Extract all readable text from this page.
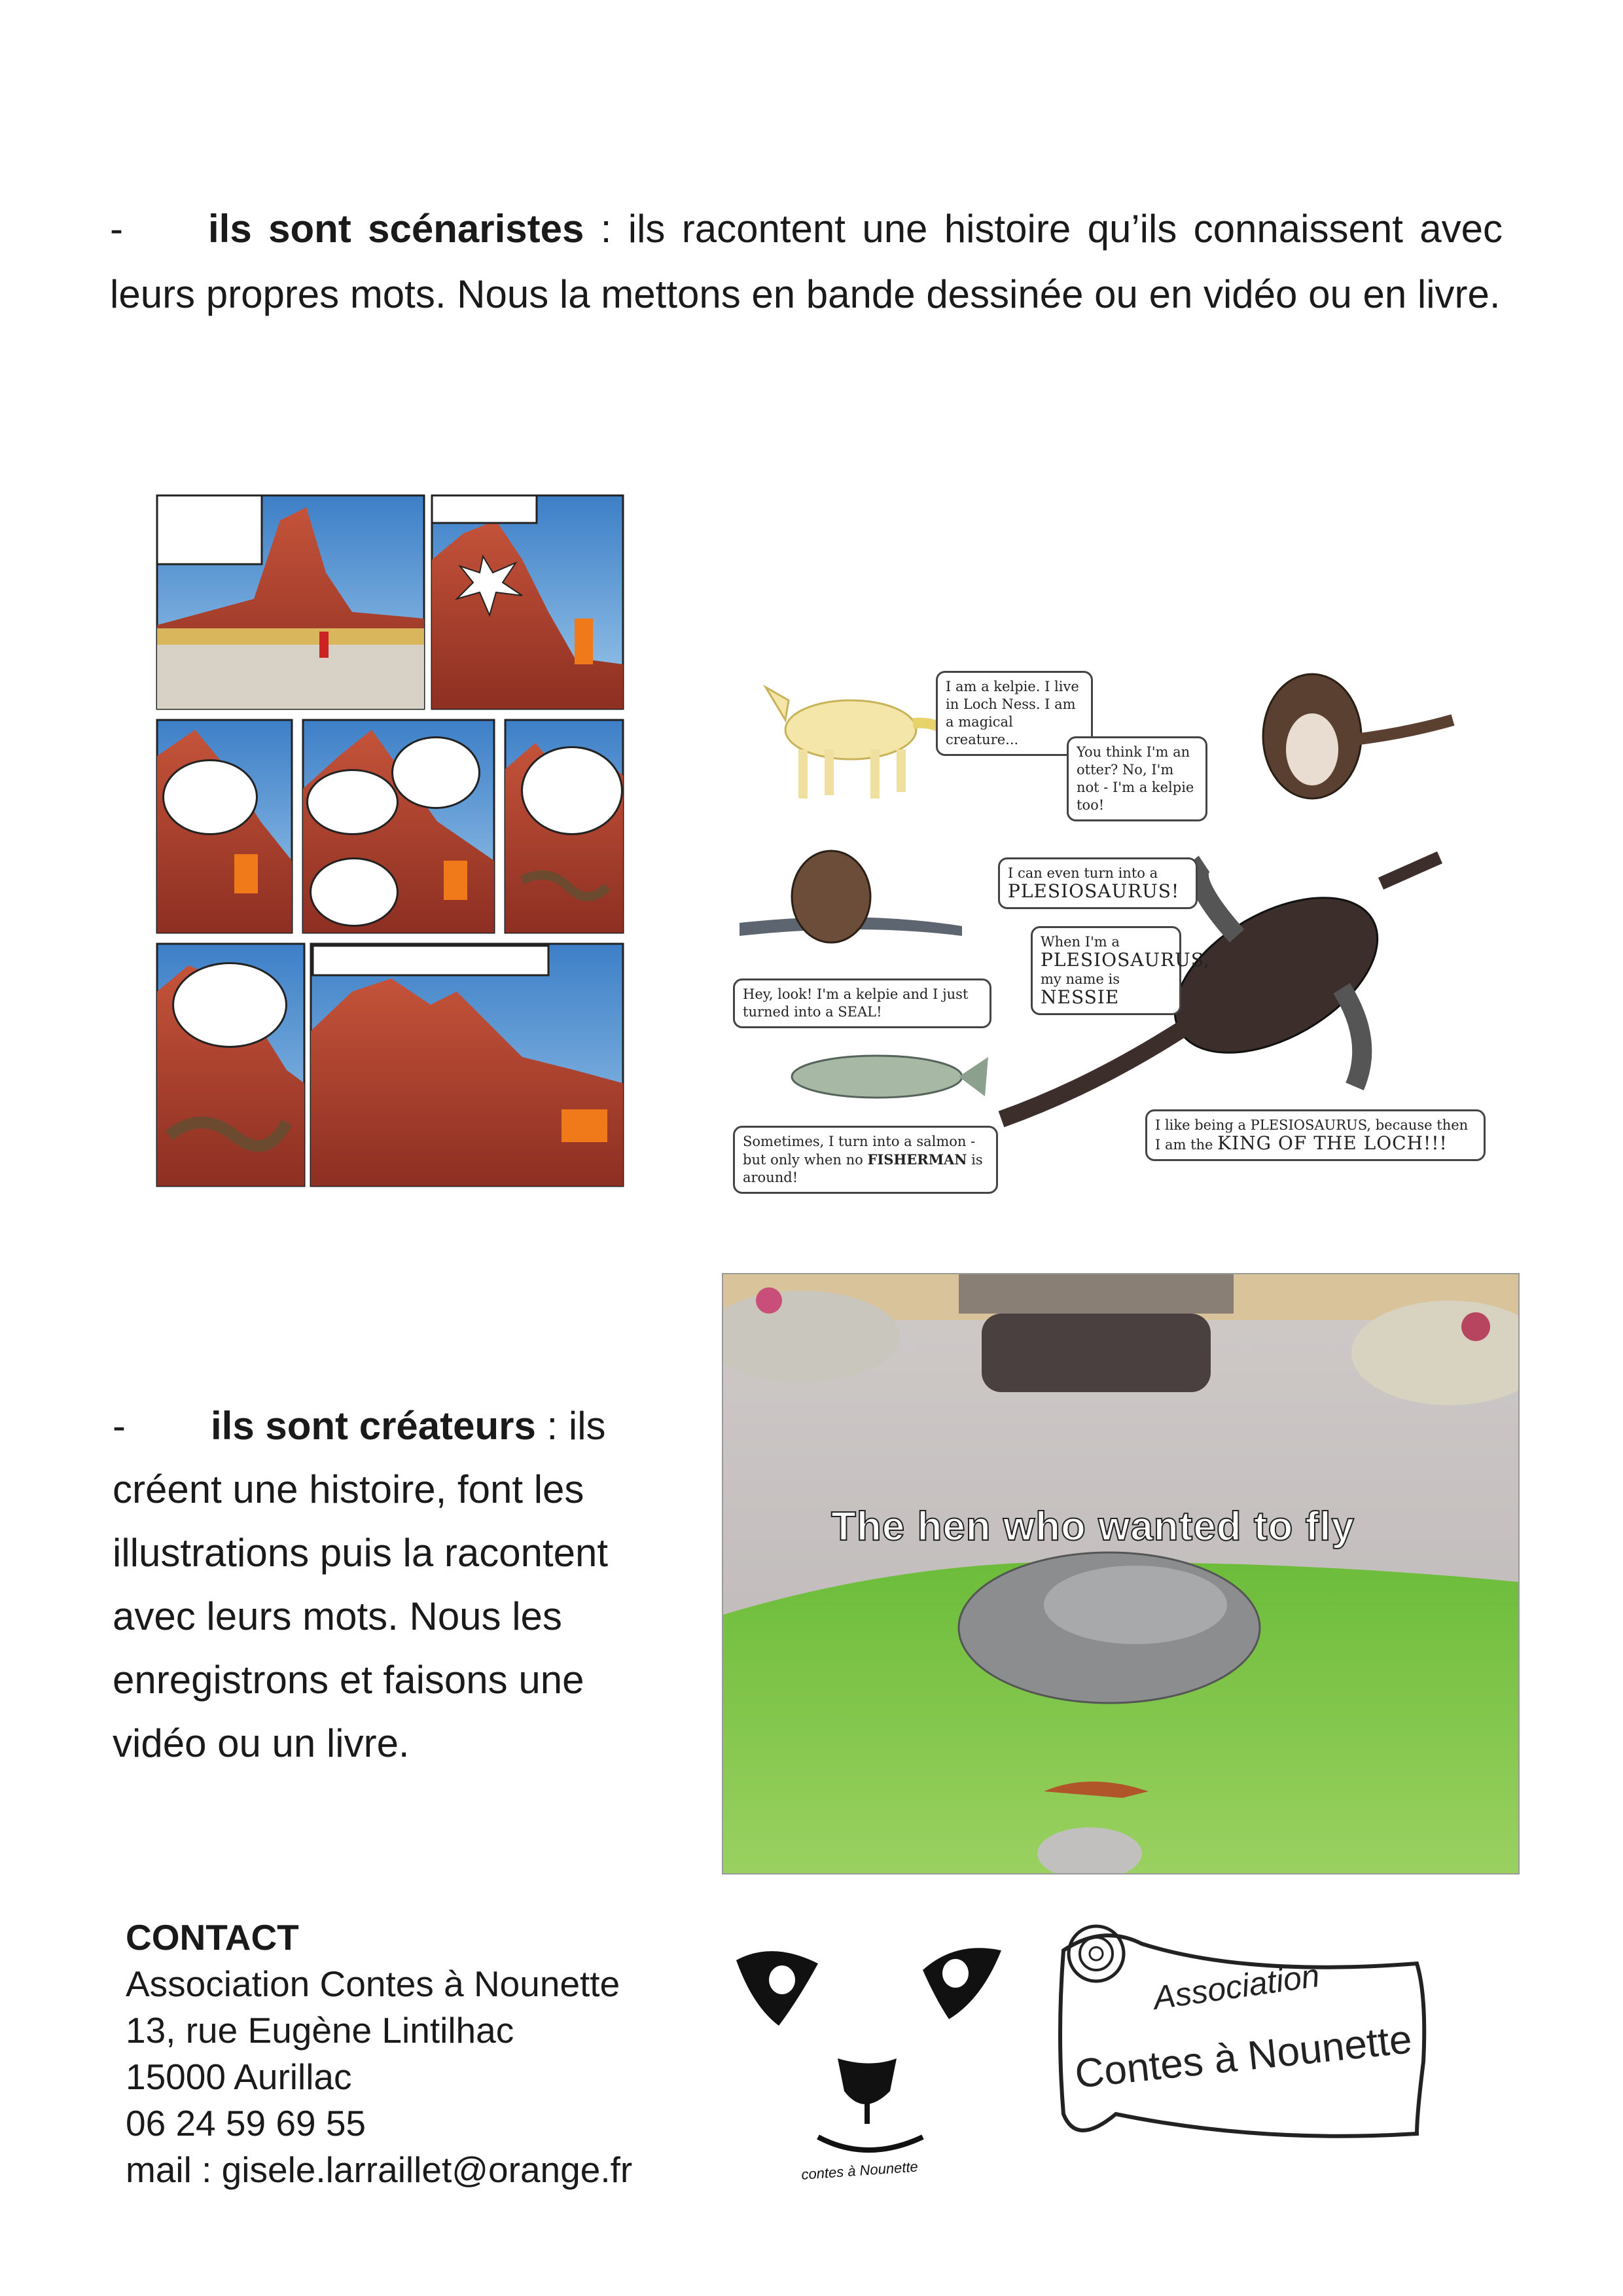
- ils sont scénaristes : ils racontent une histoire qu’ils connaissent avec leurs propres mots. Nous la mettons en bande dessinée ou en vidéo ou en livre.
I am a kelpie. I live in Loch Ness. I am a magical creature...
You think I'm an otter? No, I'm not - I'm a kelpie too!
I can even turn into a
PLESIOSAURUS!
When I'm a
PLESIOSAURUS,
my name is
NESSIE
Hey, look! I'm a kelpie and I just turned into a SEAL!
Sometimes, I turn into a salmon - but only when no FISHERMAN is around!
I like being a PLESIOSAURUS, because then I am the KING OF THE LOCH!!!
- ils sont créateurs : ils créent une histoire, font les illustrations puis la racontent avec leurs mots. Nous les enregistrons et faisons une vidéo ou un livre.
The hen who wanted to fly
CONTACT
Association Contes à Nounette
13, rue Eugène Lintilhac
15000 Aurillac
06 24 59 69 55
mail : gisele.larraillet@orange.fr	contes à Nounette
Association
Contes à Nounette
